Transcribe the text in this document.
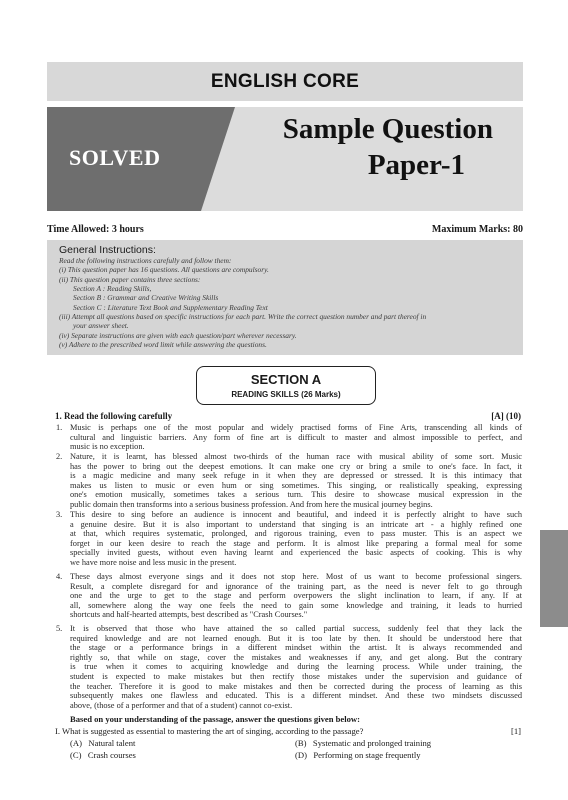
ENGLISH CORE
SOLVED
Sample Question
Paper-1
Time Allowed: 3 hours	Maximum Marks: 80
General Instructions:
Read the following instructions carefully and follow them:
(i) This question paper has 16 questions. All questions are compulsory.
(ii) This question paper contains three sections:
Section A : Reading Skills,
Section B : Grammar and Creative Writing Skills
Section C : Literature Text Book and Supplementary Reading Text
(iii) Attempt all questions based on specific instructions for each part. Write the correct question number and part thereof in
your answer sheet.
(iv) Separate instructions are given with each question/part wherever necessary.
(v) Adhere to the prescribed word limit while answering the questions.
SECTION A
READING SKILLS (26 Marks)
1. Read the following carefully	[A] (10)
1. Music is perhaps one of the most popular and widely practised forms of Fine Arts, transcending all kinds of
cultural and linguistic barriers. Any form of fine art is difficult to master and almost impossible to perfect, and
music is no exception.
2. Nature, it is learnt, has blessed almost two-thirds of the human race with musical ability of some sort. Music
has the power to bring out the deepest emotions. It can make one cry or bring a smile to one's face. In fact, it
is a magic medicine and many seek refuge in it when they are depressed or stressed. It is this intimacy that
makes us listen to music or even hum or sing sometimes. This singing, or realistically speaking, expressing
one's emotion musically, sometimes takes a serious turn. This desire to showcase musical expression in the
public domain then transforms into a serious business profession. And from here the musical journey begins.
3. This desire to sing before an audience is innocent and beautiful, and indeed it is perfectly alright to have such
a genuine desire. But it is also important to understand that singing is an intricate art - a highly refined one
at that, which requires systematic, prolonged, and rigorous training, even to pass muster. This is an aspect we
forget in our keen desire to reach the stage and perform. It is almost like preparing a formal meal for some
specially invited guests, without even having learnt and experienced the basic aspects of cooking. This is why
we have more noise and less music in the present.
4. These days almost everyone sings and it does not stop here. Most of us want to become professional singers.
Result, a complete disregard for and ignorance of the training part, as the need is never felt to go through
one and the urge to get to the stage and perform overpowers the slight inclination to learn, if any. If at
all, somewhere along the way one feels the need to gain some knowledge and training, it leads to hurried
shortcuts and half-hearted attempts, best described as "Crash Courses."
5. It is observed that those who have attained the so called partial success, suddenly feel that they lack the
required knowledge and are not learned enough. But it is too late by then. It should be understood here that
the stage or a performance brings in a different mindset within the artist. It is always recommended and
rightly so, that while on stage, cover the mistakes and weaknesses if any, and get along. But the contrary
is true when it comes to acquiring knowledge and during the learning process. While under training, the
student is expected to make mistakes but then rectify those mistakes under the supervision and guidance of
the teacher. Therefore it is good to make mistakes and then be corrected during the process of learning as this
subsequently makes one flawless and educated. This is a different mindset. And these two mindsets discussed
above, (those of a performer and that of a student) cannot co-exist.
Based on your understanding of the passage, answer the questions given below:
I. What is suggested as essential to mastering the art of singing, according to the passage?	[1]
(A) Natural talent	(B) Systematic and prolonged training
(C) Crash courses	(D) Performing on stage frequently
